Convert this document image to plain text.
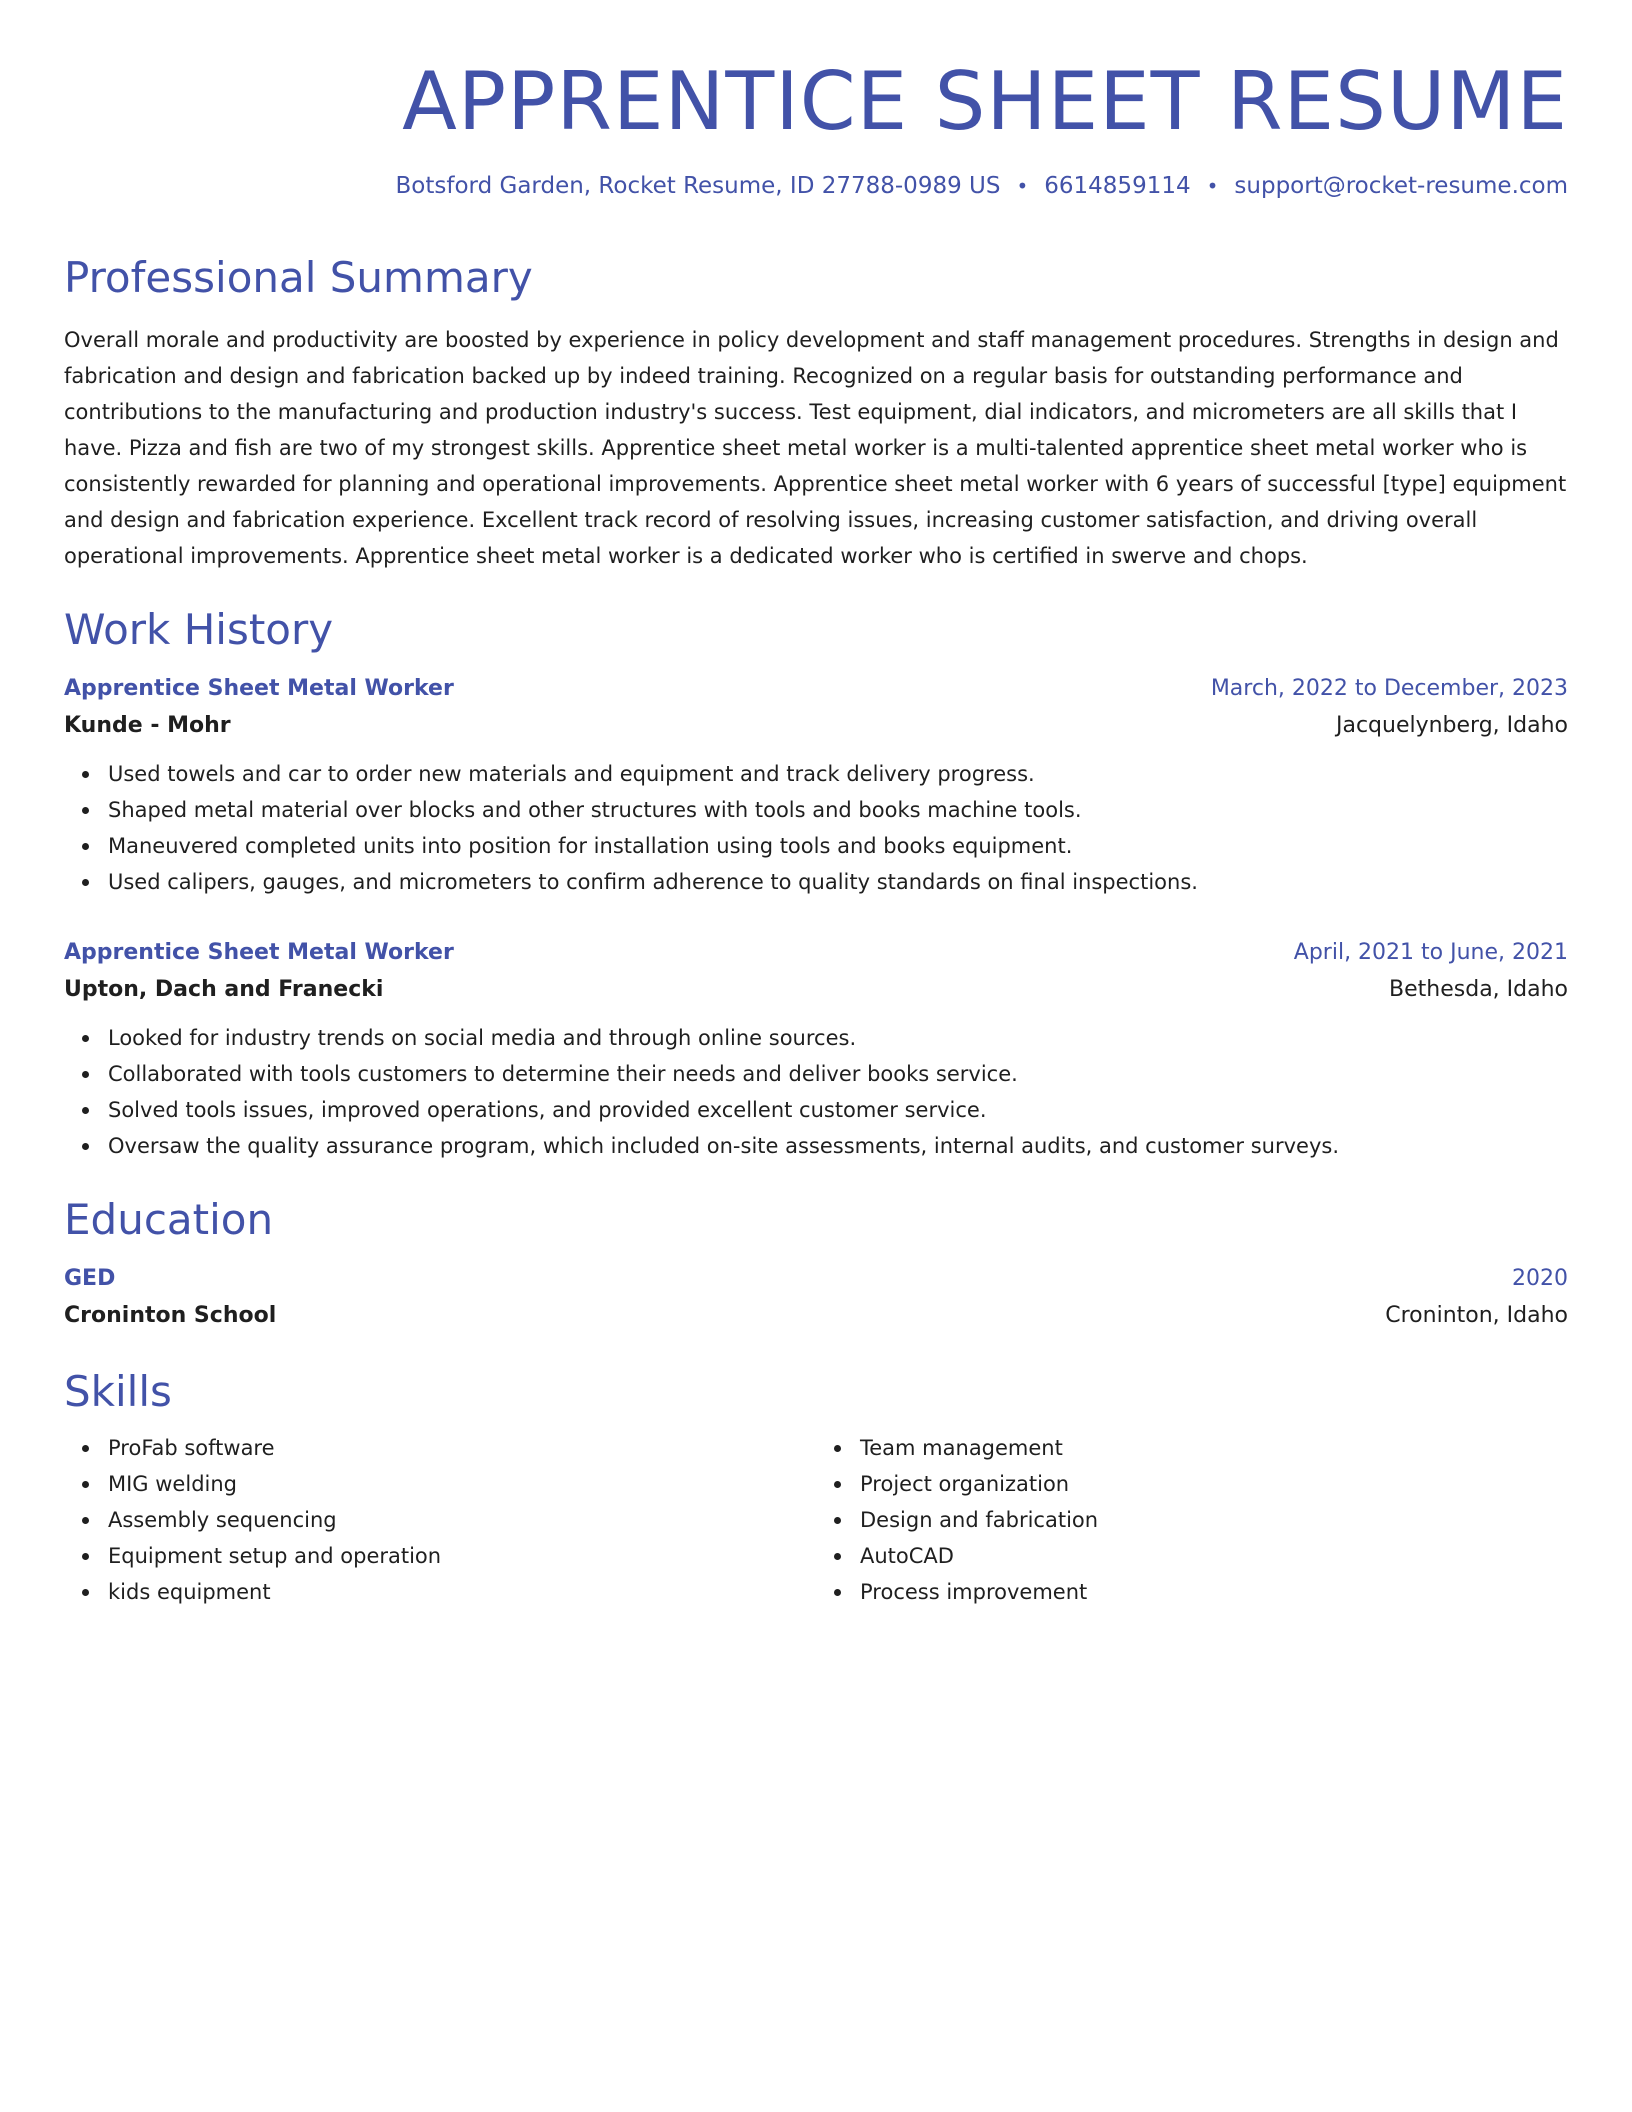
APPRENTICE SHEET RESUME
Botsford Garden, Rocket Resume, ID 27788-0989 US • 6614859114 • support@rocket-resume.com
Professional Summary

Overall morale and productivity are boosted by experience in policy development and staff management procedures. Strengths in design and fabrication and design and fabrication backed up by indeed training. Recognized on a regular basis for outstanding performance and contributions to the manufacturing and production industry's success. Test equipment, dial indicators, and micrometers are all skills that I have. Pizza and fish are two of my strongest skills. Apprentice sheet metal worker is a multi-talented apprentice sheet metal worker who is consistently rewarded for planning and operational improvements. Apprentice sheet metal worker with 6 years of successful [type] equipment and design and fabrication experience. Excellent track record of resolving issues, increasing customer satisfaction, and driving overall operational improvements. Apprentice sheet metal worker is a dedicated worker who is certified in swerve and chops.

Work History
Apprentice Sheet Metal Worker	March, 2022 to December, 2023
Kunde - Mohr	Jacquelynberg, Idaho
Used towels and car to order new materials and equipment and track delivery progress.
Shaped metal material over blocks and other structures with tools and books machine tools.
Maneuvered completed units into position for installation using tools and books equipment.
Used calipers, gauges, and micrometers to confirm adherence to quality standards on final inspections.
Apprentice Sheet Metal Worker	April, 2021 to June, 2021
Upton, Dach and Franecki	Bethesda, Idaho
Looked for industry trends on social media and through online sources.
Collaborated with tools customers to determine their needs and deliver books service.
Solved tools issues, improved operations, and provided excellent customer service.
Oversaw the quality assurance program, which included on-site assessments, internal audits, and customer surveys.
Education
GED	2020
Croninton School	Croninton, Idaho
Skills
ProFab software
MIG welding
Assembly sequencing
Equipment setup and operation
kids equipment
Team management
Project organization
Design and fabrication
AutoCAD
Process improvement
